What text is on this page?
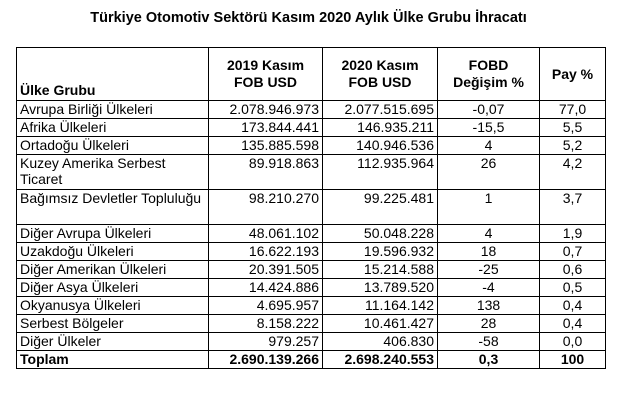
Türkiye Otomotiv Sektörü Kasım 2020 Aylık Ülke Grubu İhracatı
Ülke Grubu	2019 Kasım FOB USD	2020 Kasım FOB USD	FOBD Değişim %	Pay %
Avrupa Birliği Ülkeleri	2.078.946.973	2.077.515.695	-0,07	77,0
Afrika Ülkeleri	173.844.441	146.935.211	-15,5	5,5
Ortadoğu Ülkeleri	135.885.598	140.946.536	4	5,2
Kuzey Amerika Serbest Ticaret	89.918.863	112.935.964	26	4,2
Bağımsız Devletler Topluluğu	98.210.270	99.225.481	1	3,7
Diğer Avrupa Ülkeleri	48.061.102	50.048.228	4	1,9
Uzakdoğu Ülkeleri	16.622.193	19.596.932	18	0,7
Diğer Amerikan Ülkeleri	20.391.505	15.214.588	-25	0,6
Diğer Asya Ülkeleri	14.424.886	13.789.520	-4	0,5
Okyanusya Ülkeleri	4.695.957	11.164.142	138	0,4
Serbest Bölgeler	8.158.222	10.461.427	28	0,4
Diğer Ülkeler	979.257	406.830	-58	0,0
Toplam	2.690.139.266	2.698.240.553	0,3	100
